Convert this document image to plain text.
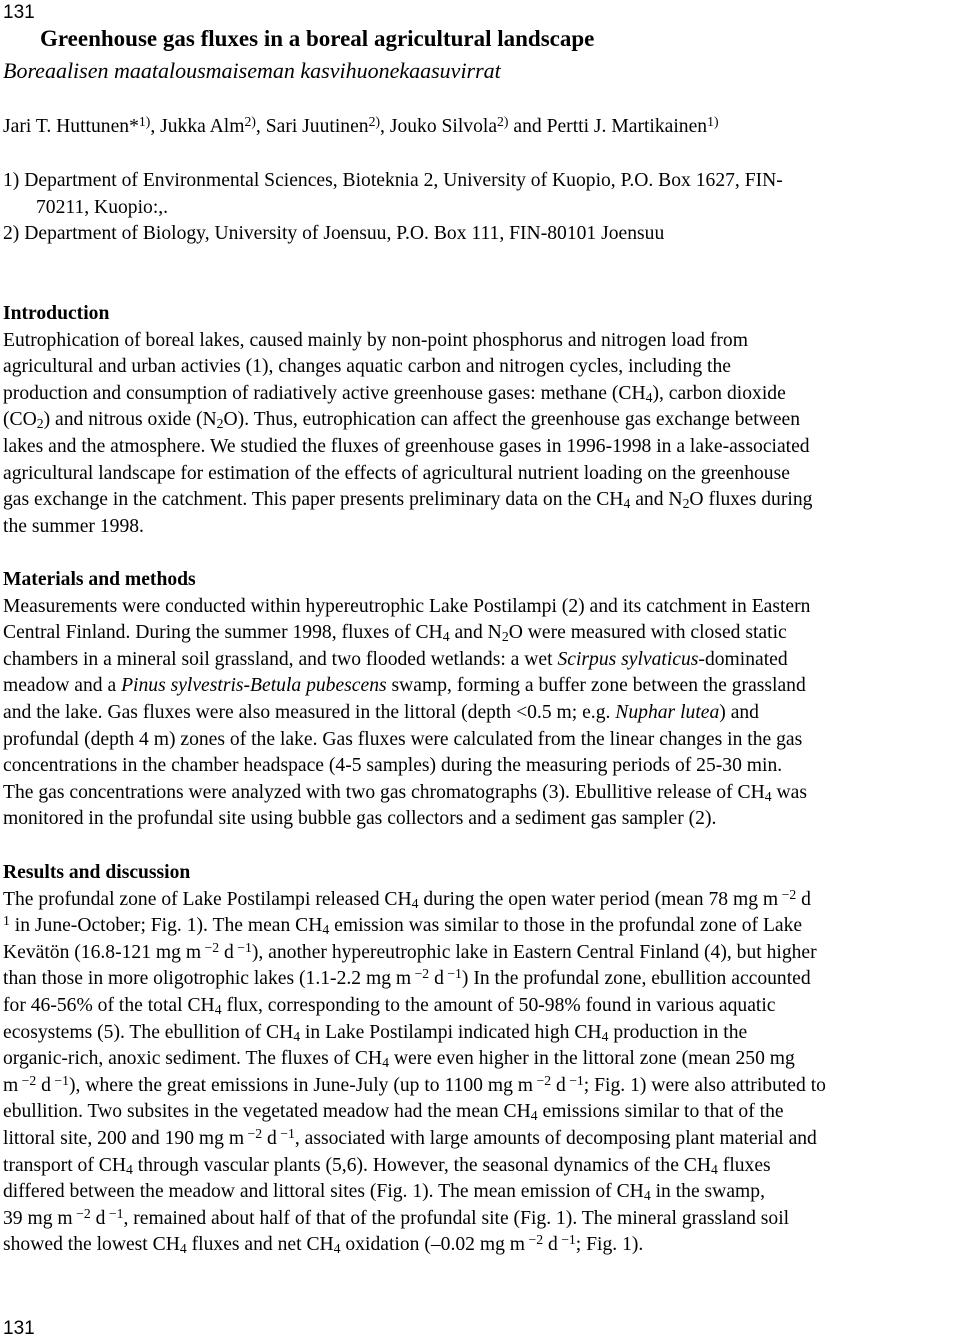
131
Greenhouse gas fluxes in a boreal agricultural landscape
Boreaalisen maatalousmaiseman kasvihuonekaasuvirrat
Jari T. Huttunen*$^{1)}$, Jukka Alm$^{2)}$, Sari Juutinen$^{2)}$, Jouko Silvola$^{2)}$ and Pertti J. Martikainen$^{1)}$
1) Department of Environmental Sciences, Bioteknia 2, University of Kuopio, P.O. Box 1627, FIN-
70211, Kuopio:,.
2) Department of Biology, University of Joensuu, P.O. Box 111, FIN-80101 Joensuu
Introduction
Eutrophication of boreal lakes, caused mainly by non-point phosphorus and nitrogen load from
agricultural and urban activies (1), changes aquatic carbon and nitrogen cycles, including the
production and consumption of radiatively active greenhouse gases: methane $(CH_4)$, carbon dioxide
$(CO_2)$ and nitrous oxide $(N_2O)$. Thus, eutrophication can affect the greenhouse gas exchange between
lakes and the atmosphere. We studied the fluxes of greenhouse gases in 1996-1998 in a lake-associated
agricultural landscape for estimation of the effects of agricultural nutrient loading on the greenhouse
gas exchange in the catchment. This paper presents preliminary data on the $CH_4$ and $N_2O$ fluxes during
the summer 1998.
Materials and methods
Measurements were conducted within hypereutrophic Lake Postilampi (2) and its catchment in Eastern
Central Finland. During the summer 1998, fluxes of $CH_4$ and $N_2O$ were measured with closed static
chambers in a mineral soil grassland, and two flooded wetlands: a wet Scirpus sylvaticus-dominated
meadow and a Pinus sylvestris-Betula pubescens swamp, forming a buffer zone between the grassland
and the lake. Gas fluxes were also measured in the littoral (depth <0.5 m; e.g. Nuphar lutea) and
profundal (depth 4 m) zones of the lake. Gas fluxes were calculated from the linear changes in the gas
concentrations in the chamber headspace (4-5 samples) during the measuring periods of 25-30 min.
The gas concentrations were analyzed with two gas chromatographs (3). Ebullitive release of $CH_4$ was
monitored in the profundal site using bubble gas collectors and a sediment gas sampler (2).
Results and discussion
The profundal zone of Lake Postilampi released $CH_4$ during the open water period (mean 78 mg m $^{-2}$ d
$^1$ in June-October; Fig. 1). The mean $CH_4$ emission was similar to those in the profundal zone of Lake
Kevätön (16.8-121 mg m $^{-2}$ d $^{-1}$), another hypereutrophic lake in Eastern Central Finland (4), but higher
than those in more oligotrophic lakes (1.1-2.2 mg m $^{-2}$ d $^{-1}$) In the profundal zone, ebullition accounted
for 46-56% of the total $CH_4$ flux, corresponding to the amount of 50-98% found in various aquatic
ecosystems (5). The ebullition of $CH_4$ in Lake Postilampi indicated high $CH_4$ production in the
organic-rich, anoxic sediment. The fluxes of $CH_4$ were even higher in the littoral zone (mean 250 mg
m $^{-2}$ d $^{-1}$), where the great emissions in June-July (up to 1100 mg m $^{-2}$ d $^{-1}$; Fig. 1) were also attributed to
ebullition. Two subsites in the vegetated meadow had the mean $CH_4$ emissions similar to that of the
littoral site, 200 and 190 mg m $^{-2}$ d $^{-1}$, associated with large amounts of decomposing plant material and
transport of $CH_4$ through vascular plants (5,6). However, the seasonal dynamics of the $CH_4$ fluxes
differed between the meadow and littoral sites (Fig. 1). The mean emission of $CH_4$ in the swamp,
39 mg m $^{-2}$ d $^{-1}$, remained about half of that of the profundal site (Fig. 1). The mineral grassland soil
showed the lowest $CH_4$ fluxes and net $CH_4$ oxidation (–0.02 mg m $^{-2}$ d $^{-1}$; Fig. 1).
131
